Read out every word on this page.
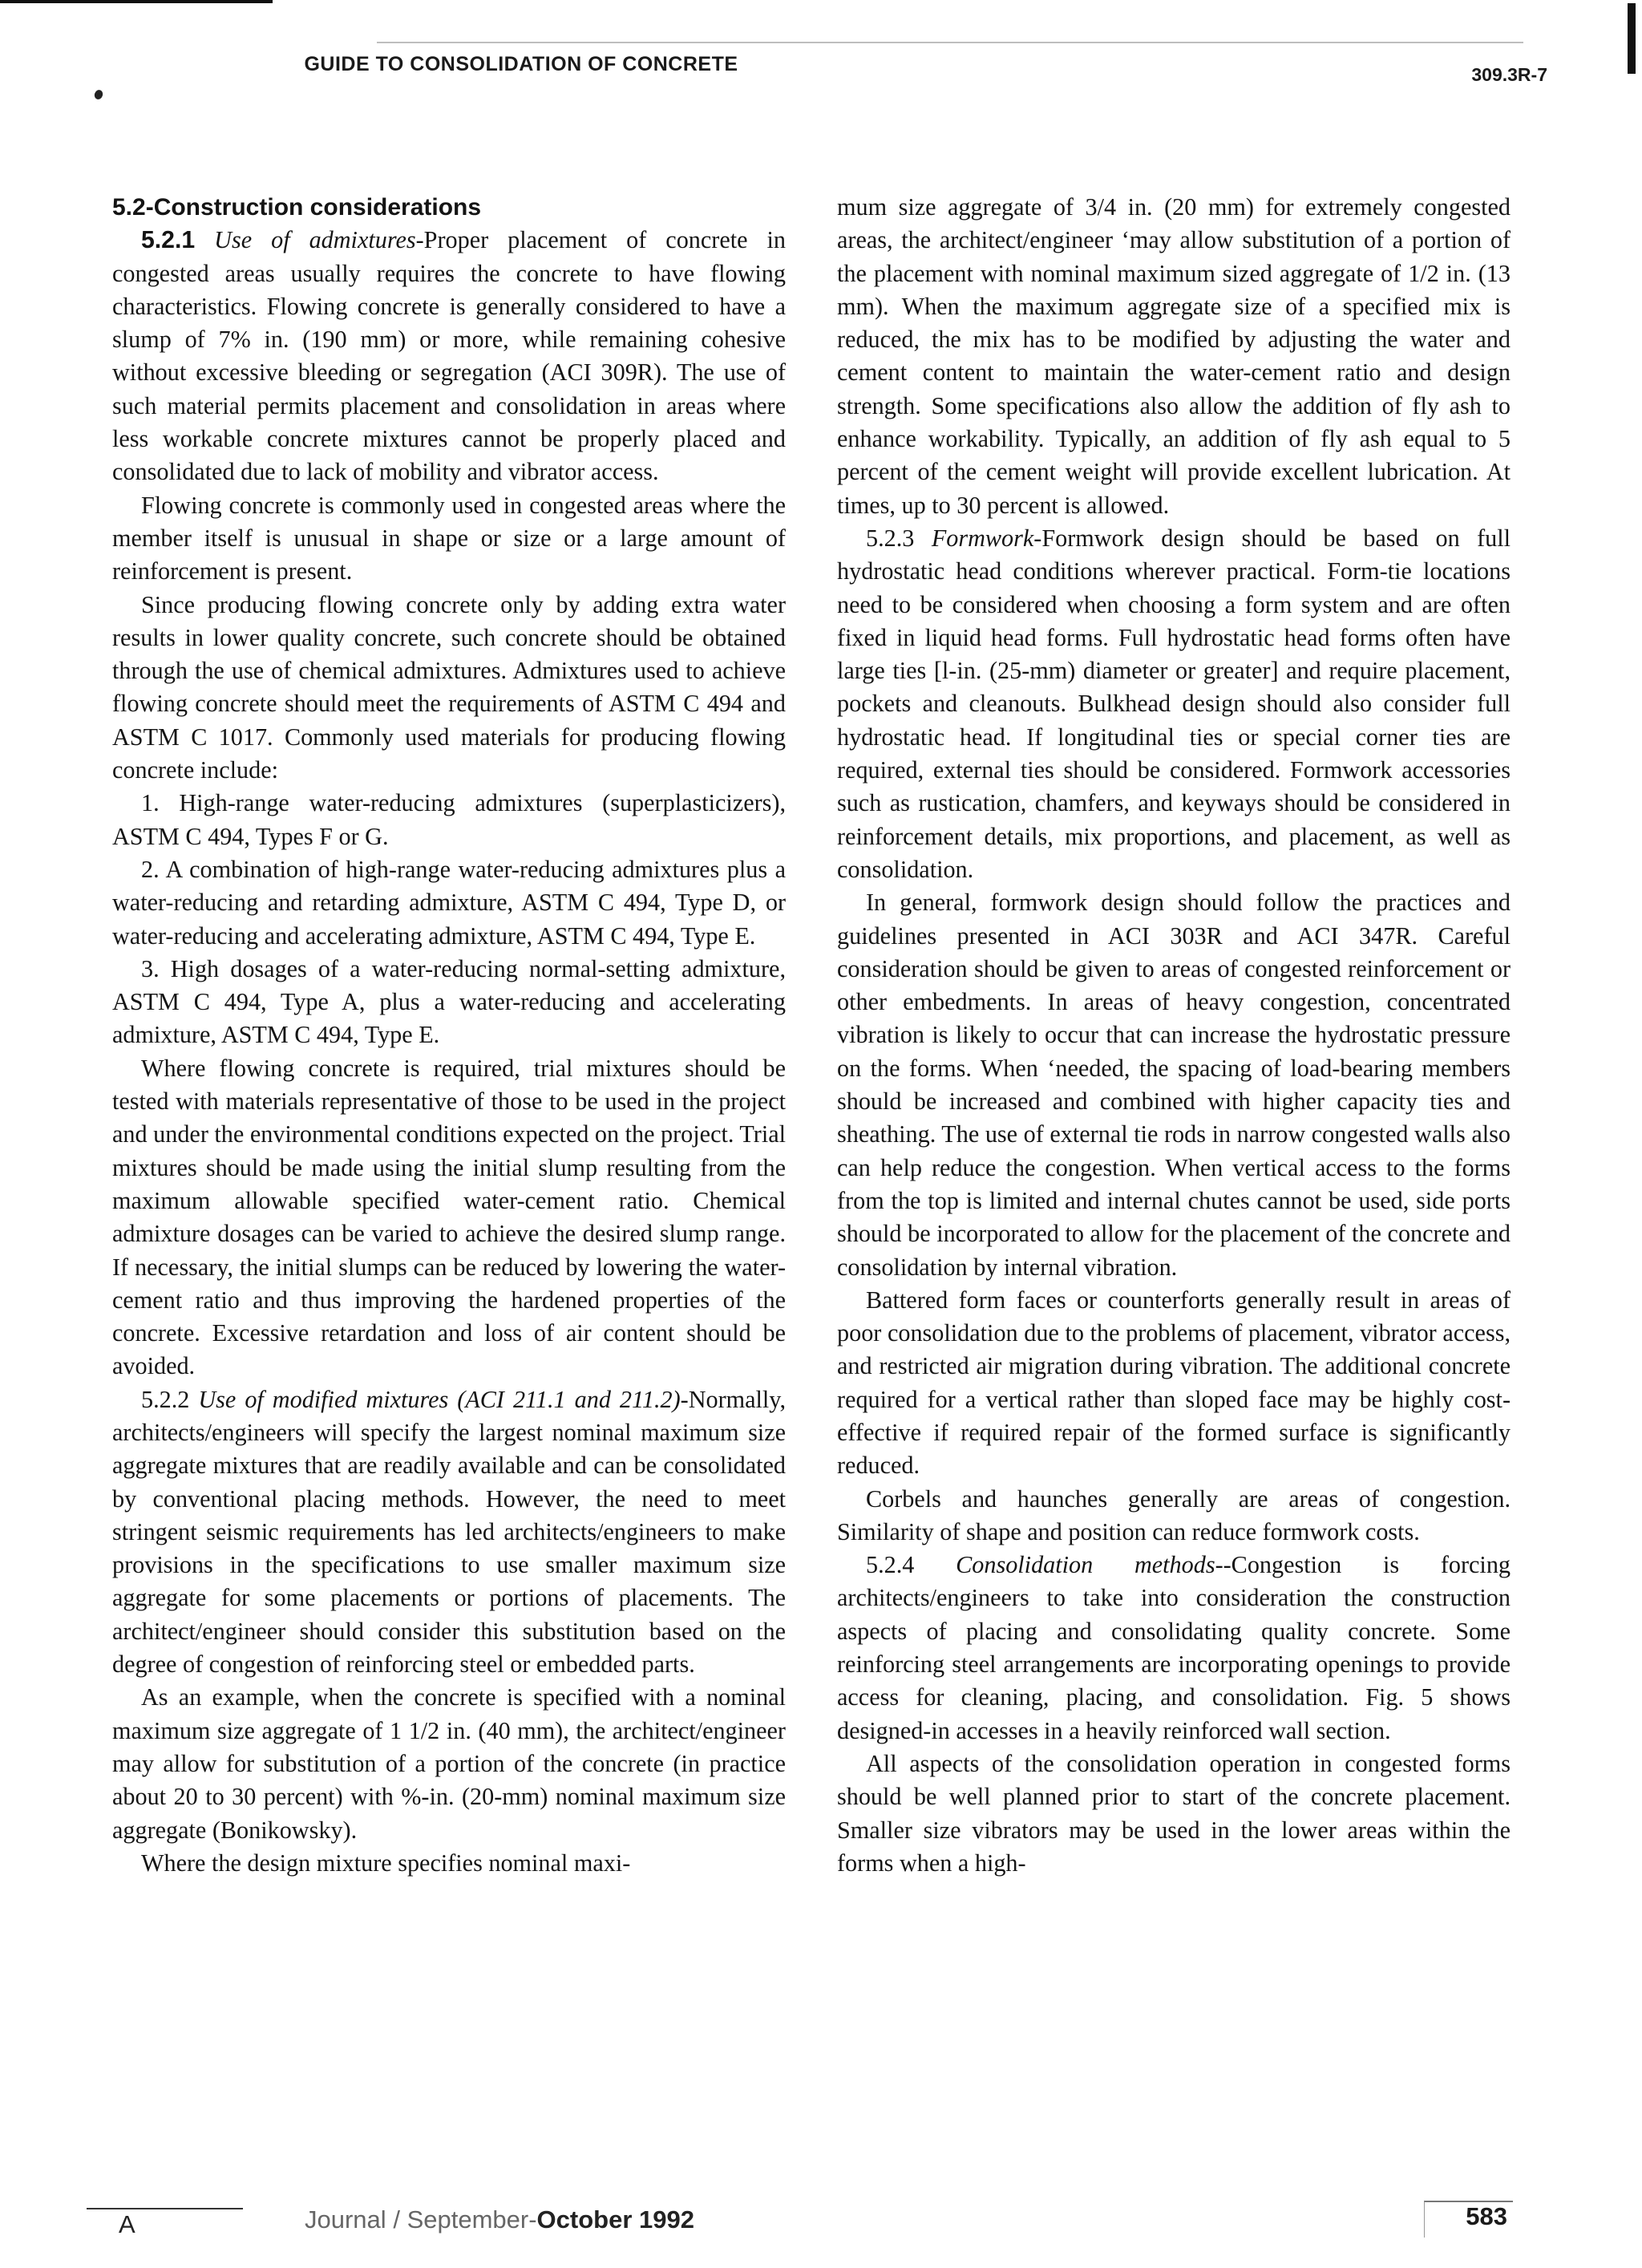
GUIDE TO CONSOLIDATION OF CONCRETE	309.3R-7
5.2-Construction considerations

5.2.1 Use of admixtures-Proper placement of concrete in congested areas usually requires the concrete to have flowing characteristics. Flowing concrete is generally considered to have a slump of 7% in. (190 mm) or more, while remaining cohesive without excessive bleeding or segregation (ACI 309R). The use of such material permits placement and consolidation in areas where less workable concrete mixtures cannot be properly placed and consolidated due to lack of mobility and vibrator access.

Flowing concrete is commonly used in congested areas where the member itself is unusual in shape or size or a large amount of reinforcement is present.

Since producing flowing concrete only by adding extra water results in lower quality concrete, such concrete should be obtained through the use of chemical admixtures. Admixtures used to achieve flowing concrete should meet the requirements of ASTM C 494 and ASTM C 1017. Commonly used materials for producing flowing concrete include:

1. High-range water-reducing admixtures (superplasticizers), ASTM C 494, Types F or G.

2. A combination of high-range water-reducing admixtures plus a water-reducing and retarding admixture, ASTM C 494, Type D, or water-reducing and accelerating admixture, ASTM C 494, Type E.

3. High dosages of a water-reducing normal-setting admixture, ASTM C 494, Type A, plus a water-reducing and accelerating admixture, ASTM C 494, Type E.

Where flowing concrete is required, trial mixtures should be tested with materials representative of those to be used in the project and under the environmental conditions expected on the project. Trial mixtures should be made using the initial slump resulting from the maximum allowable specified water-cement ratio. Chemical admixture dosages can be varied to achieve the desired slump range. If necessary, the initial slumps can be reduced by lowering the water-cement ratio and thus improving the hardened properties of the concrete. Excessive retardation and loss of air content should be avoided.

5.2.2 Use of modified mixtures (ACI 211.1 and 211.2)-Normally, architects/engineers will specify the largest nominal maximum size aggregate mixtures that are readily available and can be consolidated by conventional placing methods. However, the need to meet stringent seismic requirements has led architects/engineers to make provisions in the specifications to use smaller maximum size aggregate for some placements or portions of placements. The architect/engineer should consider this substitution based on the degree of congestion of reinforcing steel or embedded parts.

As an example, when the concrete is specified with a nominal maximum size aggregate of 1 1/2 in. (40 mm), the architect/engineer may allow for substitution of a portion of the concrete (in practice about 20 to 30 percent) with %-in. (20-mm) nominal maximum size aggregate (Bonikowsky).

Where the design mixture specifies nominal maxi-

mum size aggregate of 3/4 in. (20 mm) for extremely congested areas, the architect/engineer ‘may allow substitution of a portion of the placement with nominal maximum sized aggregate of 1/2 in. (13 mm). When the maximum aggregate size of a specified mix is reduced, the mix has to be modified by adjusting the water and cement content to maintain the water-cement ratio and design strength. Some specifications also allow the addition of fly ash to enhance workability. Typically, an addition of fly ash equal to 5 percent of the cement weight will provide excellent lubrication. At times, up to 30 percent is allowed.

5.2.3 Formwork-Formwork design should be based on full hydrostatic head conditions wherever practical. Form-tie locations need to be considered when choosing a form system and are often fixed in liquid head forms. Full hydrostatic head forms often have large ties [l-in. (25-mm) diameter or greater] and require placement, pockets and cleanouts. Bulkhead design should also consider full hydrostatic head. If longitudinal ties or special corner ties are required, external ties should be considered. Formwork accessories such as rustication, chamfers, and keyways should be considered in reinforcement details, mix proportions, and placement, as well as consolidation.

In general, formwork design should follow the practices and guidelines presented in ACI 303R and ACI 347R. Careful consideration should be given to areas of congested reinforcement or other embedments. In areas of heavy congestion, concentrated vibration is likely to occur that can increase the hydrostatic pressure on the forms. When ‘needed, the spacing of load-bearing members should be increased and combined with higher capacity ties and sheathing. The use of external tie rods in narrow congested walls also can help reduce the congestion. When vertical access to the forms from the top is limited and internal chutes cannot be used, side ports should be incorporated to allow for the placement of the concrete and consolidation by internal vibration.

Battered form faces or counterforts generally result in areas of poor consolidation due to the problems of placement, vibrator access, and restricted air migration during vibration. The additional concrete required for a vertical rather than sloped face may be highly cost-effective if required repair of the formed surface is significantly reduced.

Corbels and haunches generally are areas of congestion. Similarity of shape and position can reduce formwork costs.

5.2.4 Consolidation methods--Congestion is forcing architects/engineers to take into consideration the construction aspects of placing and consolidating quality concrete. Some reinforcing steel arrangements are incorporating openings to provide access for cleaning, placing, and consolidation. Fig. 5 shows designed-in accesses in a heavily reinforced wall section.

All aspects of the consolidation operation in congested forms should be well planned prior to start of the concrete placement. Smaller size vibrators may be used in the lower areas within the forms when a high-

A	Journal / September-October 1992	583
